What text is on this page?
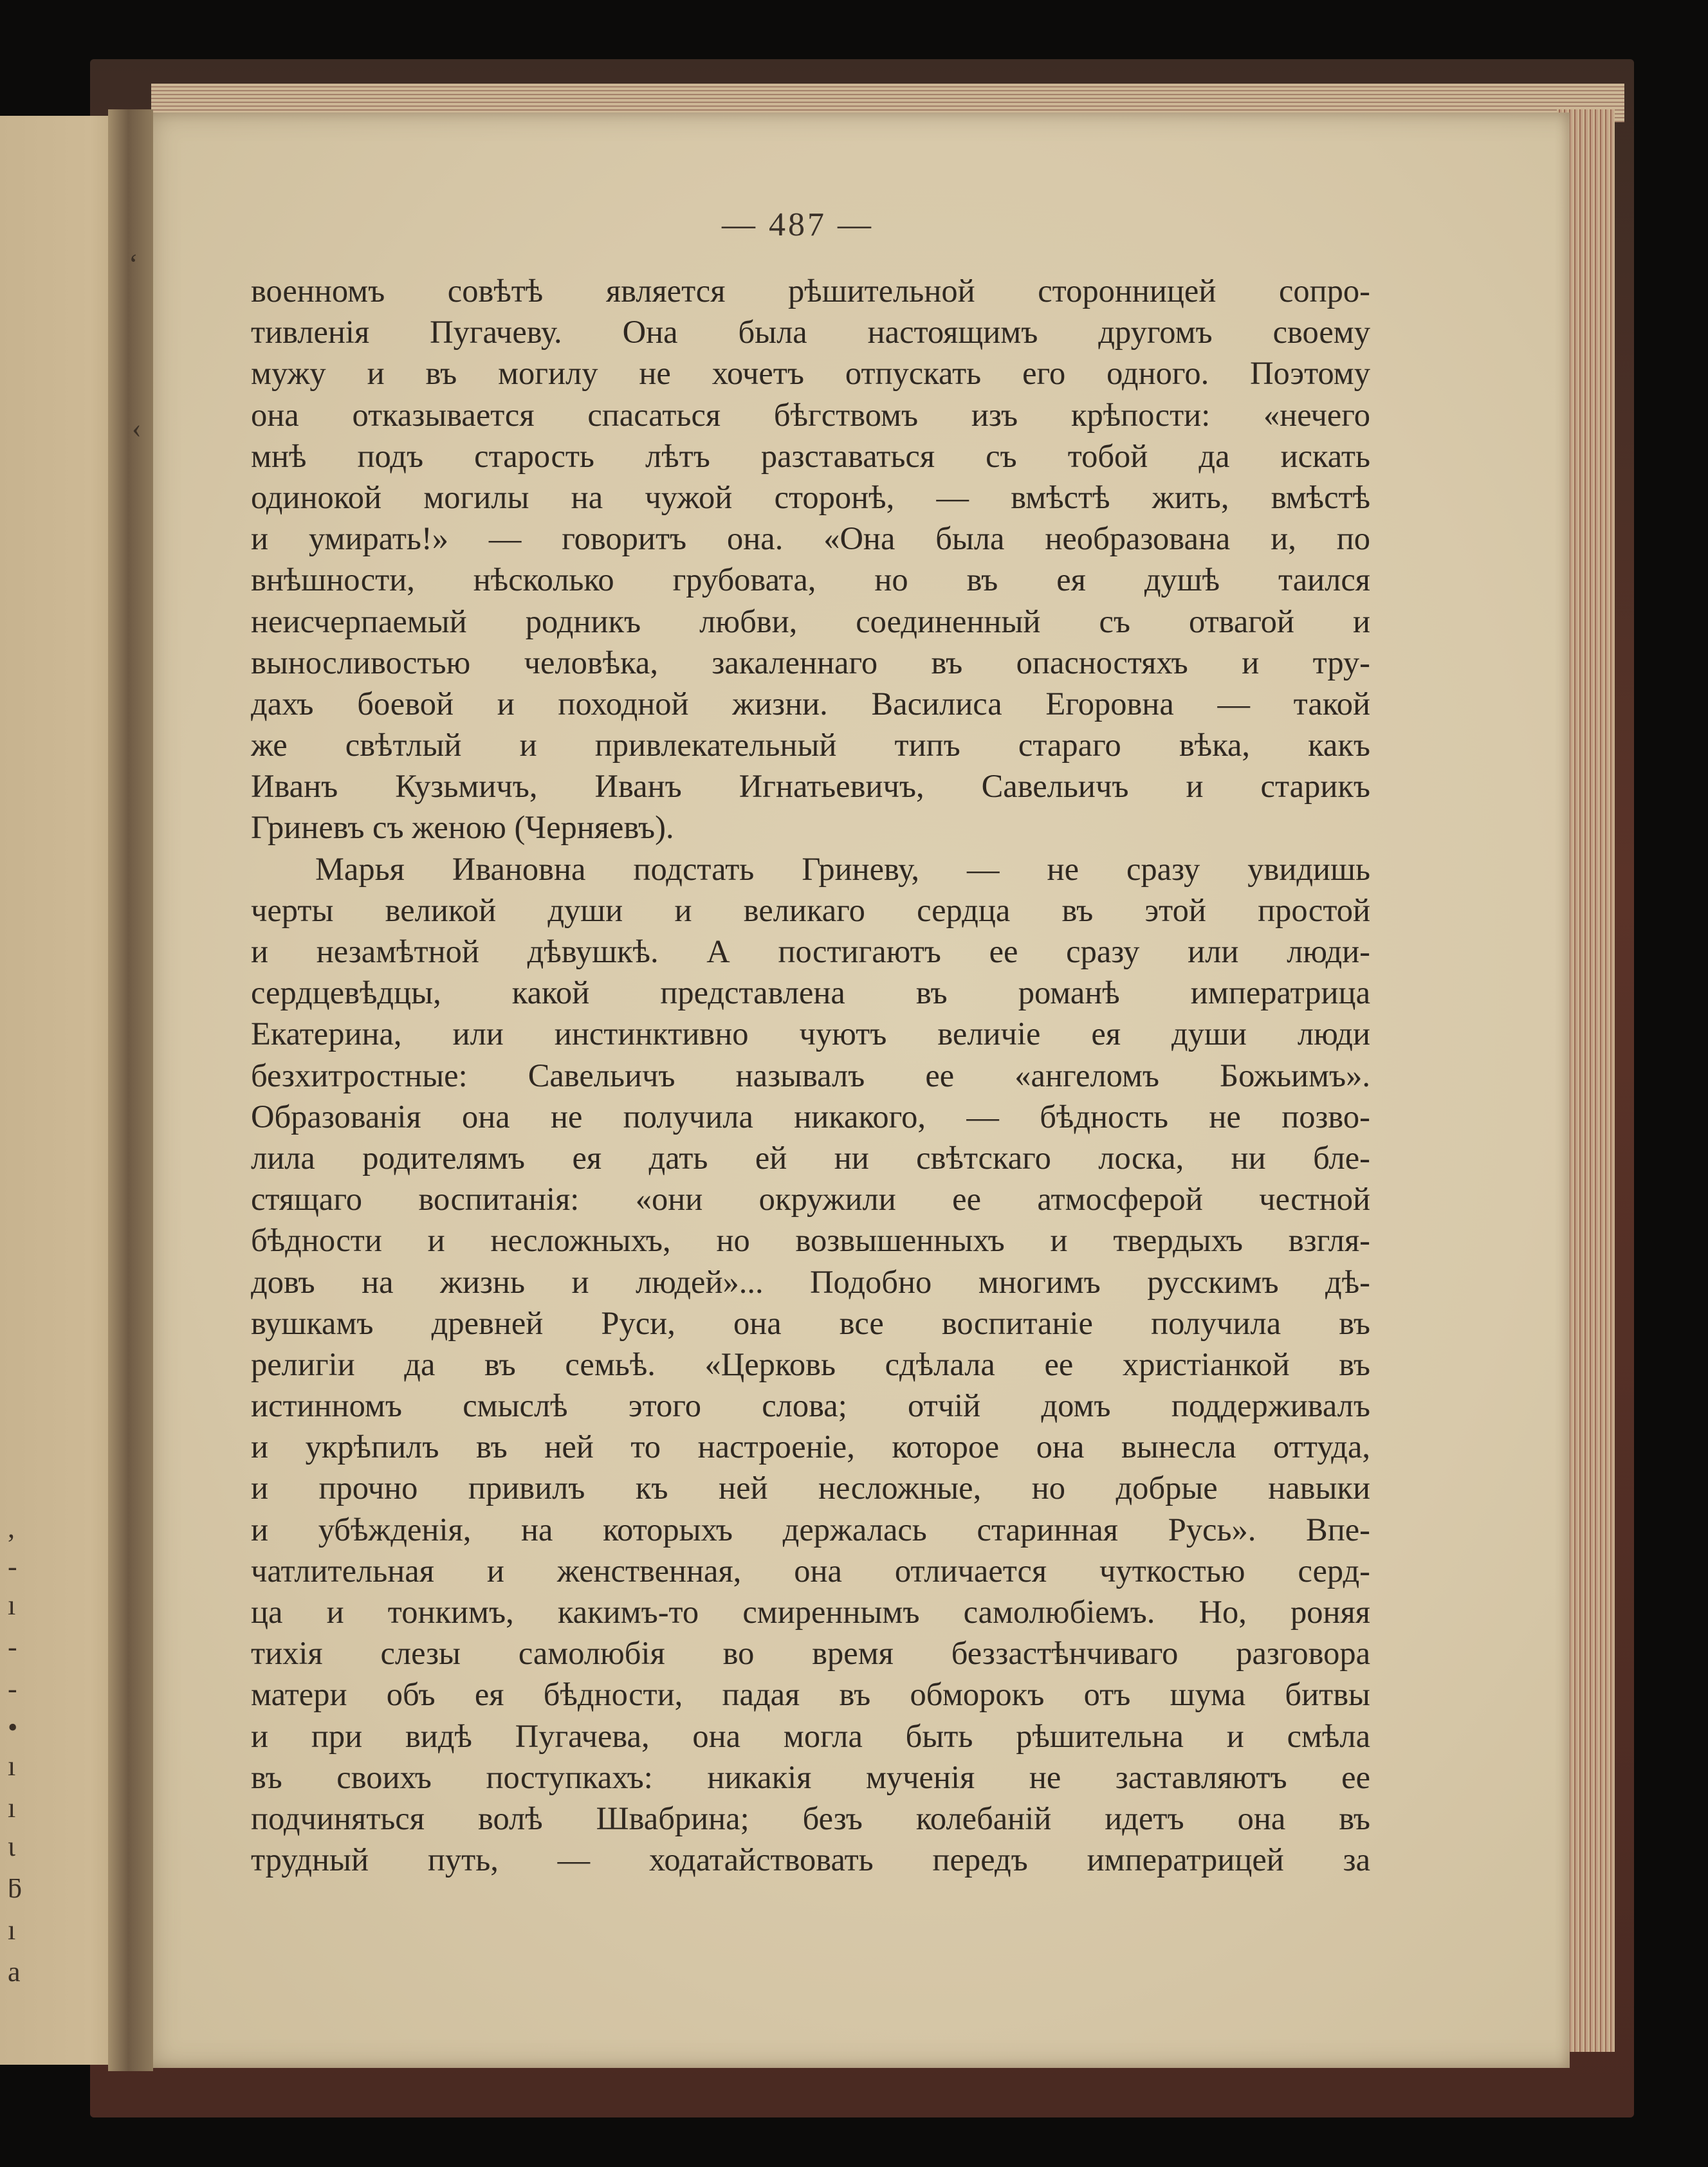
ʻ
‹
,
-
ı
-
-
•
ı
ı
ι
ƃ
ı
a
— 487 —
военномъ совѣтѣ является рѣшительной сторонницей сопро-
тивленія Пугачеву. Она была настоящимъ другомъ своему
мужу и въ могилу не хочетъ отпускать его одного. Поэтому
она отказывается спасаться бѣгствомъ изъ крѣпости: «нечего
мнѣ подъ старость лѣтъ разставаться съ тобой да искать
одинокой могилы на чужой сторонѣ, — вмѣстѣ жить, вмѣстѣ
и умирать!» — говоритъ она. «Она была необразована и, по
внѣшности, нѣсколько грубовата, но въ ея душѣ таился
неисчерпаемый родникъ любви, соединенный съ отвагой и
выносливостью человѣка, закаленнаго въ опасностяхъ и тру-
дахъ боевой и походной жизни. Василиса Егоровна — такой
же свѣтлый и привлекательный типъ стараго вѣка, какъ
Иванъ Кузьмичъ, Иванъ Игнатьевичъ, Савельичъ и старикъ
Гриневъ съ женою (Черняевъ).
Марья Ивановна подстать Гриневу, — не сразу увидишь
черты великой души и великаго сердца въ этой простой
и незамѣтной дѣвушкѣ. А постигаютъ ее сразу или люди-
сердцевѣдцы, какой представлена въ романѣ императрица
Екатерина, или инстинктивно чуютъ величіе ея души люди
безхитростные: Савельичъ называлъ ее «ангеломъ Божьимъ».
Образованія она не получила никакого, — бѣдность не позво-
лила родителямъ ея дать ей ни свѣтскаго лоска, ни бле-
стящаго воспитанія: «они окружили ее атмосферой честной
бѣдности и несложныхъ, но возвышенныхъ и твердыхъ взгля-
довъ на жизнь и людей»... Подобно многимъ русскимъ дѣ-
вушкамъ древней Руси, она все воспитаніе получила въ
религіи да въ семьѣ. «Церковь сдѣлала ее христіанкой въ
истинномъ смыслѣ этого слова; отчій домъ поддерживалъ
и укрѣпилъ въ ней то настроеніе, которое она вынесла оттуда,
и прочно привилъ къ ней несложные, но добрые навыки
и убѣжденія, на которыхъ держалась старинная Русь». Впе-
чатлительная и женственная, она отличается чуткостью серд-
ца и тонкимъ, какимъ-то смиреннымъ самолюбіемъ. Но, роняя
тихія слезы самолюбія во время беззастѣнчиваго разговора
матери объ ея бѣдности, падая въ обморокъ отъ шума битвы
и при видѣ Пугачева, она могла быть рѣшительна и смѣла
въ своихъ поступкахъ: никакія мученія не заставляютъ ее
подчиняться волѣ Швабрина; безъ колебаній идетъ она въ
трудный путь, — ходатайствовать передъ императрицей за
